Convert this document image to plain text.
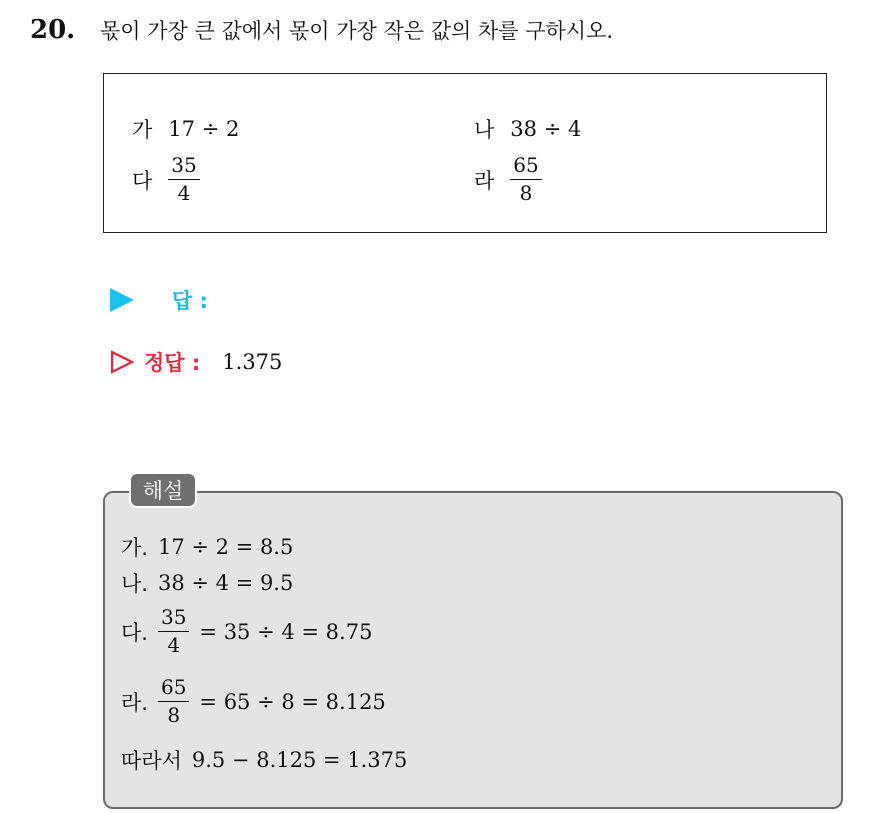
20.	몫이 가장 큰 값에서 몫이 가장 작은 값의 차를 구하시오.
가 17 ÷ 2	나 38 ÷ 4
다 $\frac{35}{4}$	라 $\frac{65}{8}$
답 :
정답 : 1.375
해설
가. 17 ÷ 2 = 8.5
나. 38 ÷ 4 = 9.5
다. $\frac{35}{4} = 35 \div 4 = 8.75$
라. $\frac{65}{8} = 65 \div 8 = 8.125$
따라서 9.5 − 8.125 = 1.375
